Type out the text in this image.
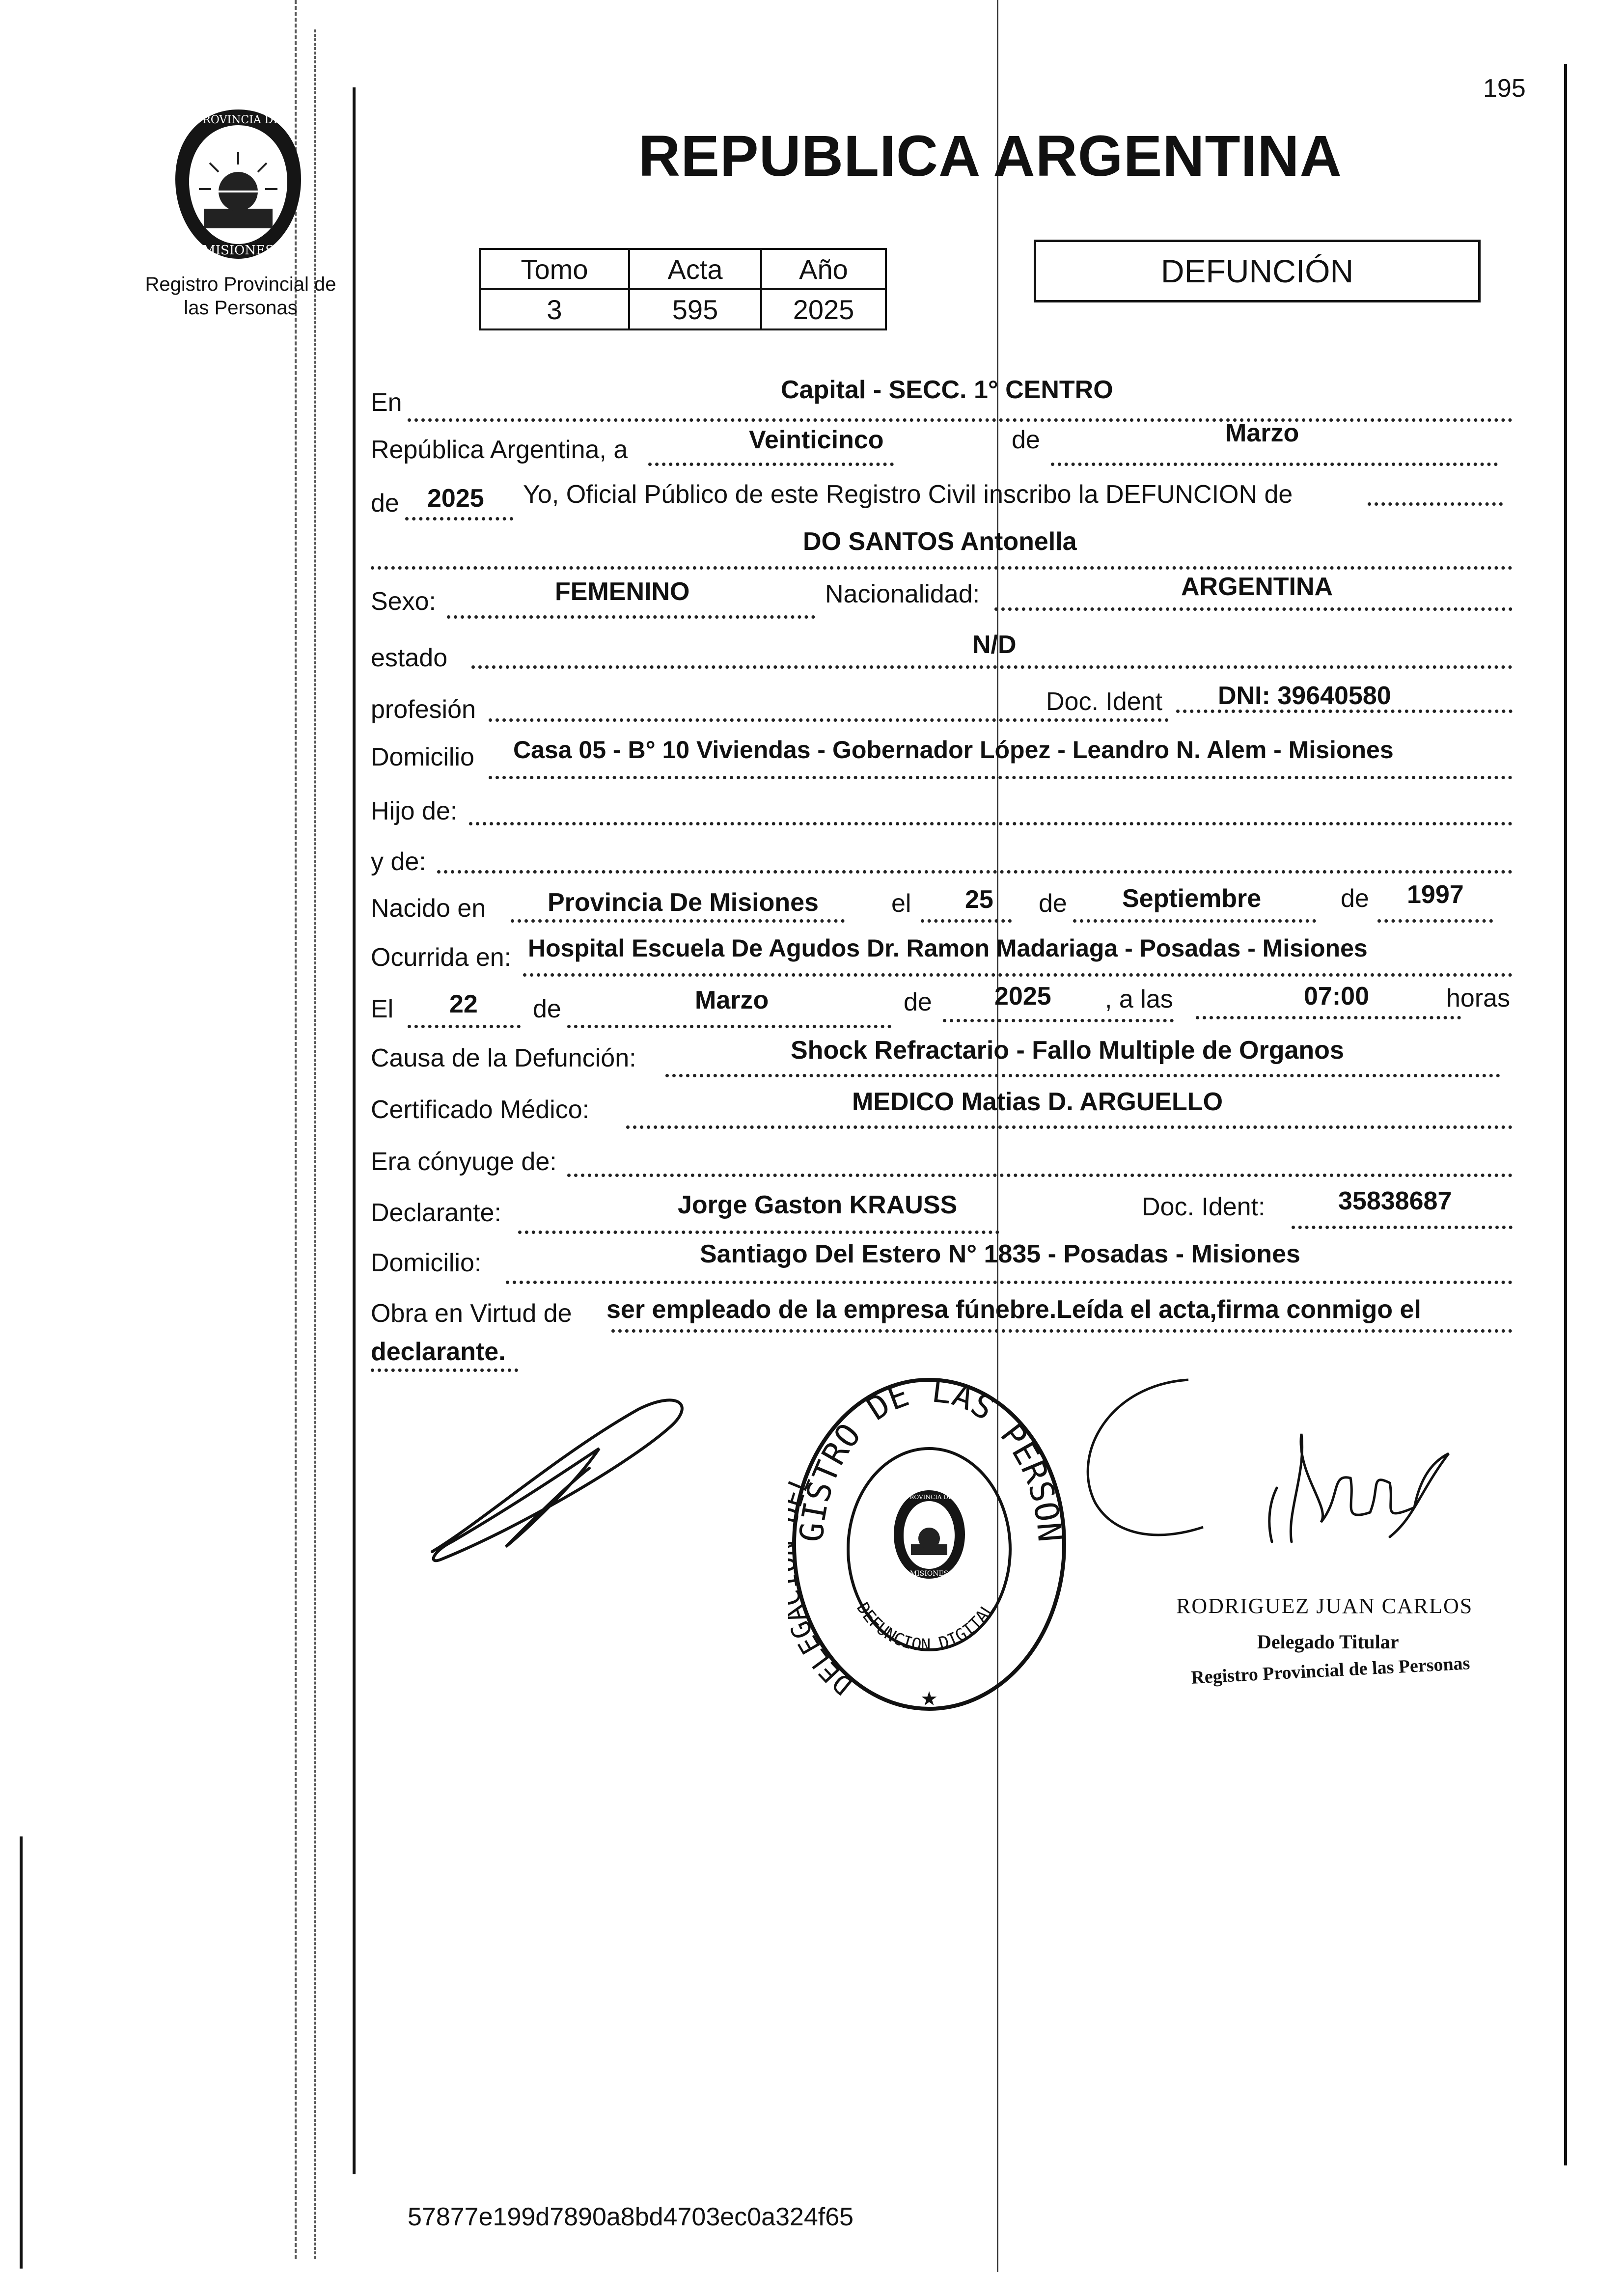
195
REPUBLICA ARGENTINA
PROVINCIA DE
MISIONES
Registro Provincial de las Personas
Tomo	Acta	Año
3	595	2025
DEFUNCIÓN
En	Capital - SECC. 1° CENTRO
República Argentina, a	Veinticinco	de	Marzo
de 2025 Yo, Oficial Público de este Registro Civil inscribo la DEFUNCION de
DO SANTOS Antonella
Sexo:	FEMENINO	Nacionalidad:	ARGENTINA
estado	N/D
profesión	Doc. Ident DNI: 39640580
Domicilio Casa 05 - B° 10 Viviendas - Gobernador López - Leandro N. Alem - Misiones
Hijo de:
y de:
Nacido en Provincia De Misiones	el 25 de Septiembre	de 1997
Ocurrida en: Hospital Escuela De Agudos Dr. Ramon Madariaga - Posadas - Misiones
El 22 de	Marzo	de 2025 , a las	07:00	horas
Causa de la Defunción:	Shock Refractario - Fallo Multiple de Organos
Certificado Médico:	MEDICO Matias D. ARGUELLO
Era cónyuge de:
Declarante:	Jorge Gaston KRAUSS	Doc. Ident:	35838687
Domicilio:	Santiago Del Estero N° 1835 - Posadas - Misiones
Obra en Virtud de ser empleado de la empresa fúnebre.Leída el acta,firma conmigo el
declarante.
GISTRO DE LAS PERSON
DELE
DEFUNCION DIGITAL
PROVINCIA DE
MISIONES
★
RODRIGUEZ JUAN CARLOS
Delegado Titular
Registro Provincial de las Personas
57877e199d7890a8bd4703ec0a324f65
